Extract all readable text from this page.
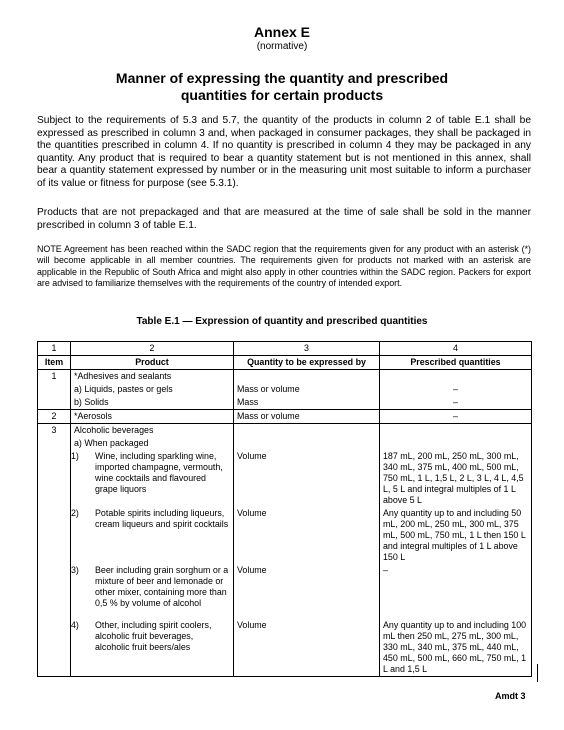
Annex E
(normative)
Manner of expressing the quantity and prescribed
quantities for certain products
Subject to the requirements of 5.3 and 5.7, the quantity of the products in column 2 of table E.1 shall be expressed as prescribed in column 3 and, when packaged in consumer packages, they shall be packaged in the quantities prescribed in column 4. If no quantity is prescribed in column 4 they may be packaged in any quantity. Any product that is required to bear a quantity statement but is not mentioned in this annex, shall bear a quantity statement expressed by number or in the measuring unit most suitable to inform a purchaser of its value or fitness for purpose (see 5.3.1).
Products that are not prepackaged and that are measured at the time of sale shall be sold in the manner prescribed in column 3 of table E.1.
NOTE Agreement has been reached within the SADC region that the requirements given for any product with an asterisk (*) will become applicable in all member countries. The requirements given for products not marked with an asterisk are applicable in the Republic of South Africa and might also apply in other countries within the SADC region. Packers for export are advised to familiarize themselves with the requirements of the country of intended export.
Table E.1 — Expression of quantity and prescribed quantities
1	2	3	4
Item	Product	Quantity to be expressed by	Prescribed quantities
1	*Adhesives and sealants		
	a) Liquids, pastes or gels	Mass or volume	–
	b) Solids	Mass	–
2	*Aerosols	Mass or volume	–
3	Alcoholic beverages		
	a) When packaged		

	1) Wine, including sparkling wine, imported champagne, vermouth, wine cocktails and flavoured grape liquors	Volume	187 mL, 200 mL, 250 mL, 300 mL, 340 mL, 375 mL, 400 mL, 500 mL, 750 mL, 1 L, 1,5 L, 2 L, 3 L, 4 L, 4,5 L, 5 L and integral multiples of 1 L above 5 L

	2) Potable spirits including liqueurs, cream liqueurs and spirit cocktails	Volume	Any quantity up to and including 50 mL, 200 mL, 250 mL, 300 mL, 375 mL, 500 mL, 750 mL, 1 L then 150 L and integral multiples of 1 L above 150 L

	3) Beer including grain sorghum or a mixture of beer and lemonade or other mixer, containing more than 0,5 % by volume of alcohol	Volume	–

	4) Other, including spirit coolers, alcoholic fruit beverages, alcoholic fruit beers/ales	Volume	Any quantity up to and including 100 mL then 250 mL, 275 mL, 300 mL, 330 mL, 340 mL, 375 mL, 440 mL, 450 mL, 500 mL, 660 mL, 750 mL, 1 L and 1,5 L
Amdt 3
